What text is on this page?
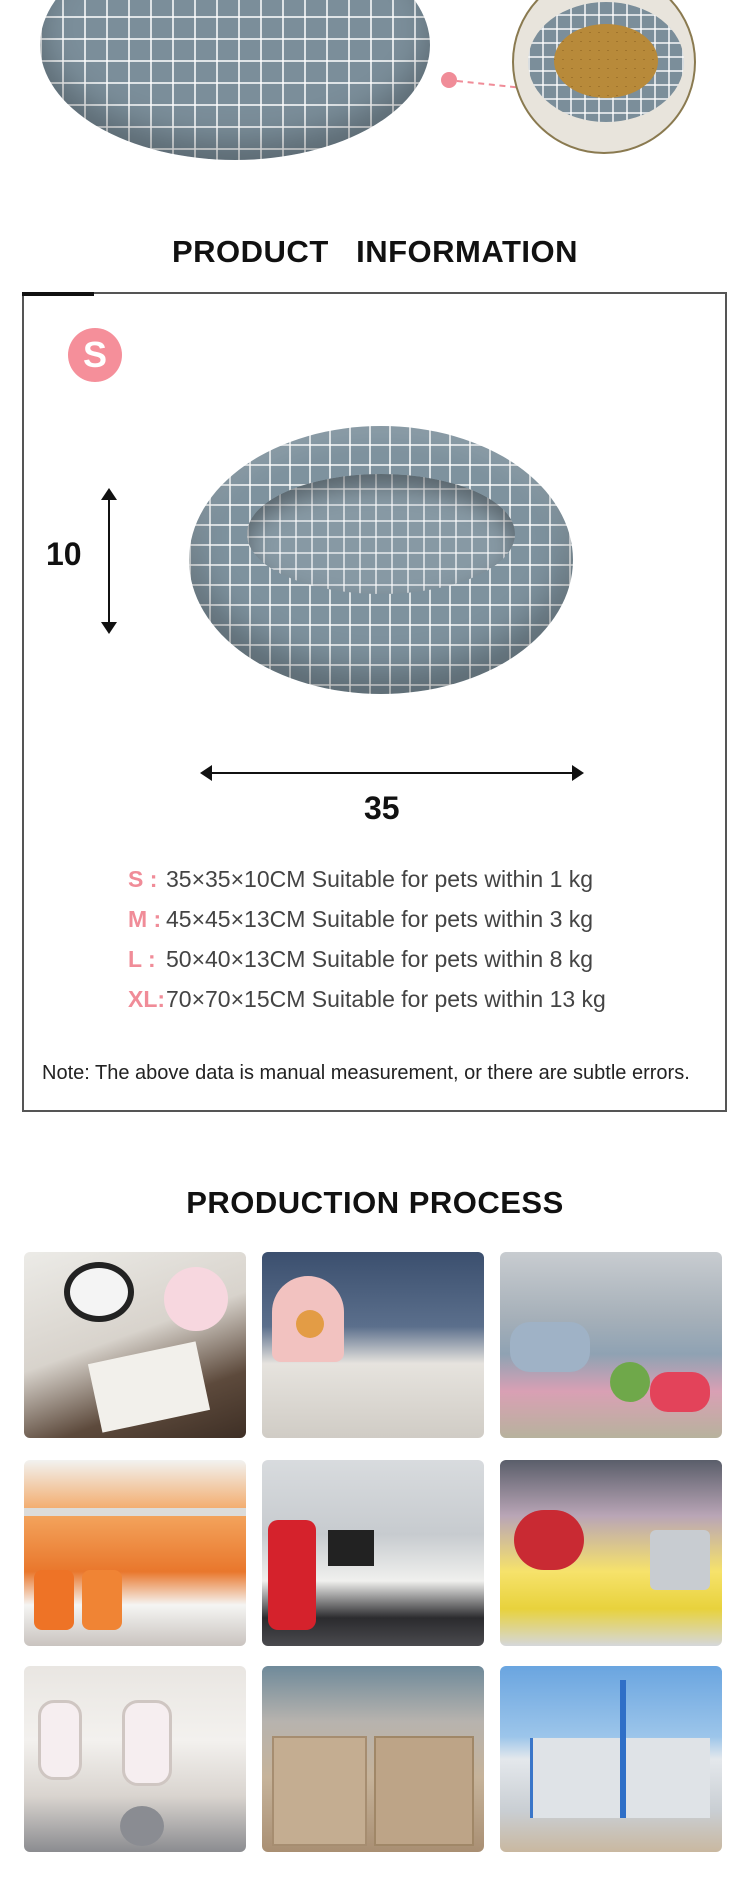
PRODUCT   INFORMATION
S
10
35
S : 35×35×10CM Suitable for pets within 1 kg
M : 45×45×13CM Suitable for pets within 3 kg
L : 50×40×13CM Suitable for pets within 8 kg
XL: 70×70×15CM Suitable for pets within 13 kg
Note: The above data is manual measurement, or there are subtle errors.
PRODUCTION PROCESS
